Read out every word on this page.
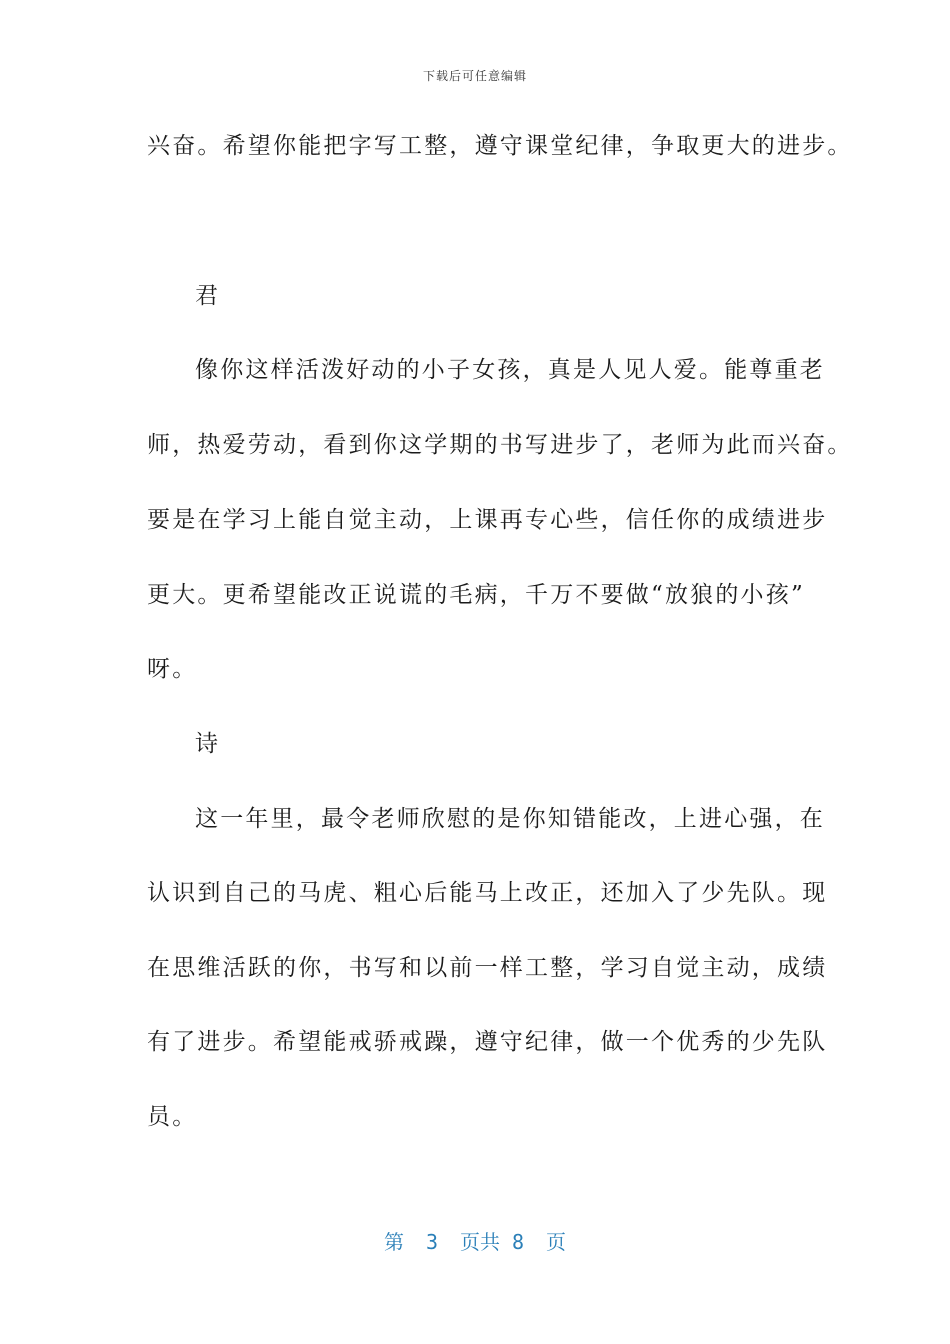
下载后可任意编辑
兴奋。希望你能把字写工整，遵守课堂纪律，争取更大的进步。
君
像你这样活泼好动的小子女孩，真是人见人爱。能尊重老
师，热爱劳动，看到你这学期的书写进步了，老师为此而兴奋。
要是在学习上能自觉主动，上课再专心些，信任你的成绩进步
更大。更希望能改正说谎的毛病，千万不要做“放狼的小孩”
呀。
诗
这一年里，最令老师欣慰的是你知错能改，上进心强，在
认识到自己的马虎、粗心后能马上改正，还加入了少先队。现
在思维活跃的你，书写和以前一样工整，学习自觉主动，成绩
有了进步。希望能戒骄戒躁，遵守纪律，做一个优秀的少先队
员。
第 3 页共 8 页
